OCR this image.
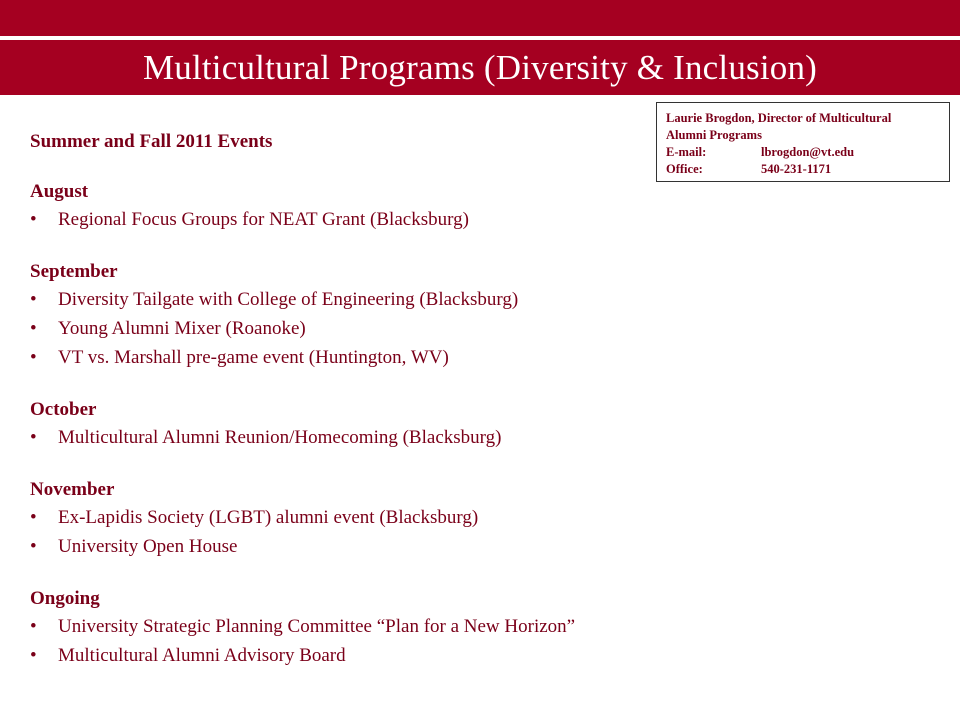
Multicultural Programs (Diversity & Inclusion)
Laurie Brogdon, Director of Multicultural
Alumni Programs
E-mail:	lbrogdon@vt.edu
Office:	540-231-1171

Summer and Fall 2011 Events

August
• Regional Focus Groups for NEAT Grant (Blacksburg)
September
• Diversity Tailgate with College of Engineering (Blacksburg)
• Young Alumni Mixer (Roanoke)
• VT vs. Marshall pre-game event (Huntington, WV)
October
• Multicultural Alumni Reunion/Homecoming (Blacksburg)
November
• Ex-Lapidis Society (LGBT) alumni event (Blacksburg)
• University Open House
Ongoing
• University Strategic Planning Committee “Plan for a New Horizon”
• Multicultural Alumni Advisory Board
